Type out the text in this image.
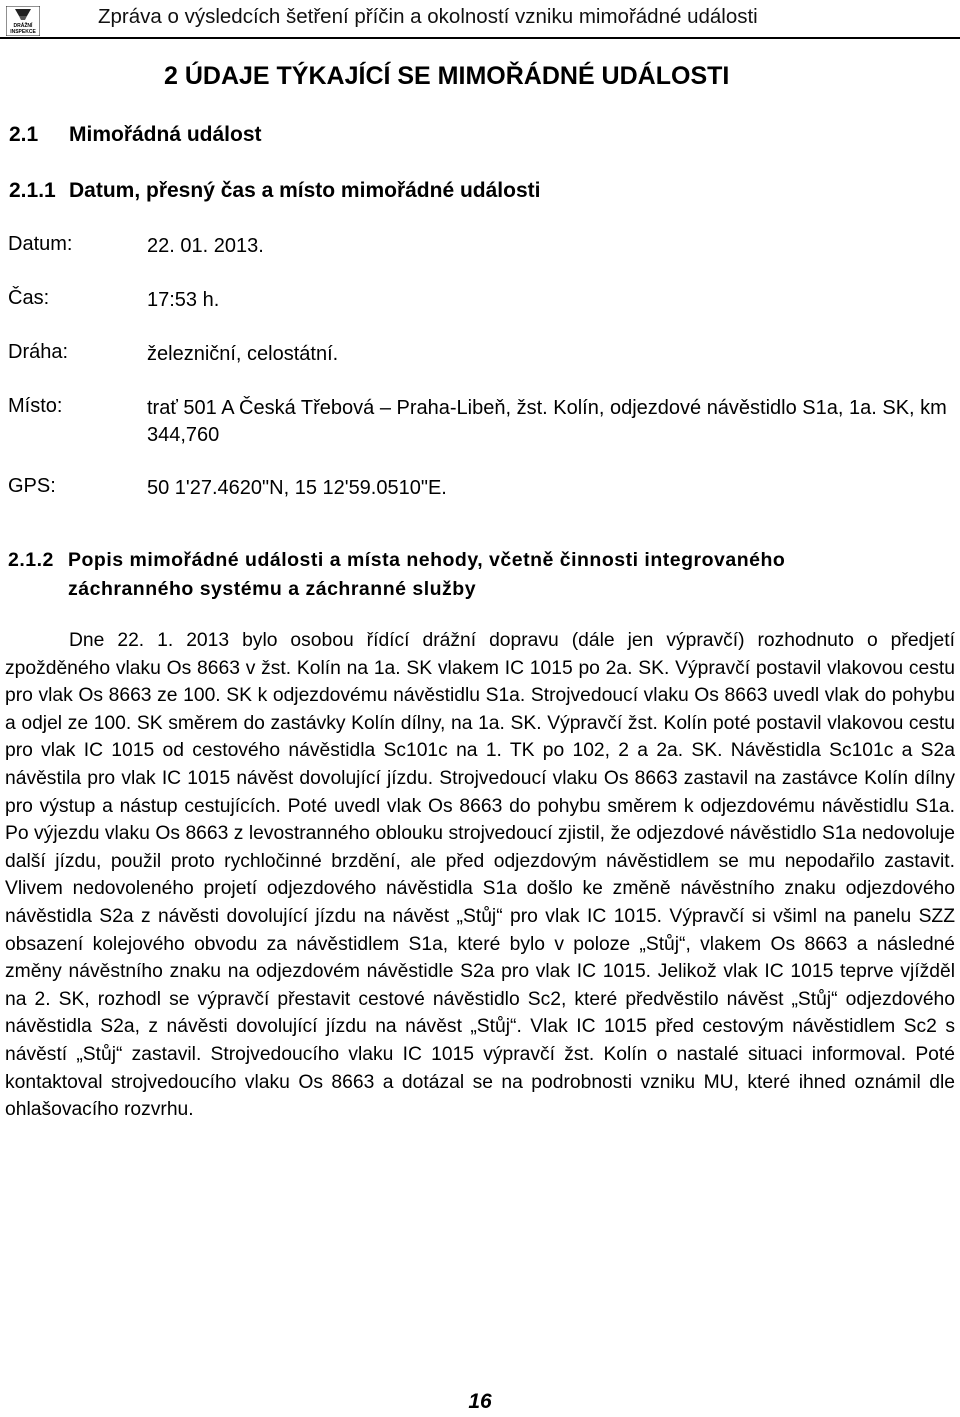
DRÁŽNÍ
INSPEKCE
Zpráva o výsledcích šetření příčin a okolností vzniku mimořádné události
2 ÚDAJE TÝKAJÍCÍ SE MIMOŘÁDNÉ UDÁLOSTI
2.1 Mimořádná událost
2.1.1 Datum, přesný čas a místo mimořádné události
Datum:	22. 01. 2013.
Čas:	17:53 h.
Dráha:	železniční, celostátní.
Místo:	trať 501 A Česká Třebová – Praha-Libeň, žst. Kolín, odjezdové návěstidlo S1a, 1a. SK, km 344,760
GPS:	50 1'27.4620"N, 15 12'59.0510"E.
2.1.2 Popis mimořádné události a místa nehody, včetně činnosti integrovaného
záchranného systému a záchranné služby
Dne 22. 1. 2013 bylo osobou řídící drážní dopravu (dále jen výpravčí) rozhodnuto o předjetí zpožděného vlaku Os 8663 v žst. Kolín na 1a. SK vlakem IC 1015 po 2a. SK. Výpravčí postavil vlakovou cestu pro vlak Os 8663 ze 100. SK k odjezdovému návěstidlu S1a. Strojvedoucí vlaku Os 8663 uvedl vlak do pohybu a odjel ze 100. SK směrem do zastávky Kolín dílny, na 1a. SK. Výpravčí žst. Kolín poté postavil vlakovou cestu pro vlak IC 1015 od cestového návěstidla Sc101c na 1. TK po 102, 2 a 2a. SK. Návěstidla Sc101c a S2a návěstila pro vlak IC 1015 návěst dovolující jízdu. Strojvedoucí vlaku Os 8663 zastavil na zastávce Kolín dílny pro výstup a nástup cestujících. Poté uvedl vlak Os 8663 do pohybu směrem k odjezdovému návěstidlu S1a. Po výjezdu vlaku Os 8663 z levostranného oblouku strojvedoucí zjistil, že odjezdové návěstidlo S1a nedovoluje další jízdu, použil proto rychločinné brzdění, ale před odjezdovým návěstidlem se mu nepodařilo zastavit. Vlivem nedovoleného projetí odjezdového návěstidla S1a došlo ke změně návěstního znaku odjezdového návěstidla S2a z návěsti dovolující jízdu na návěst „Stůj“ pro vlak IC 1015. Výpravčí si všiml na panelu SZZ obsazení kolejového obvodu za návěstidlem S1a, které bylo v poloze „Stůj“, vlakem Os 8663 a následné změny návěstního znaku na odjezdovém návěstidle S2a pro vlak IC 1015. Jelikož vlak IC 1015 teprve vjížděl na 2. SK, rozhodl se výpravčí přestavit cestové návěstidlo Sc2, které předvěstilo návěst „Stůj“ odjezdového návěstidla S2a, z návěsti dovolující jízdu na návěst „Stůj“. Vlak IC 1015 před cestovým návěstidlem Sc2 s návěstí „Stůj“ zastavil. Strojvedoucího vlaku IC 1015 výpravčí žst. Kolín o nastalé situaci informoval. Poté kontaktoval strojvedoucího vlaku Os 8663 a dotázal se na podrobnosti vzniku MU, které ihned oznámil dle ohlašovacího rozvrhu.
16
